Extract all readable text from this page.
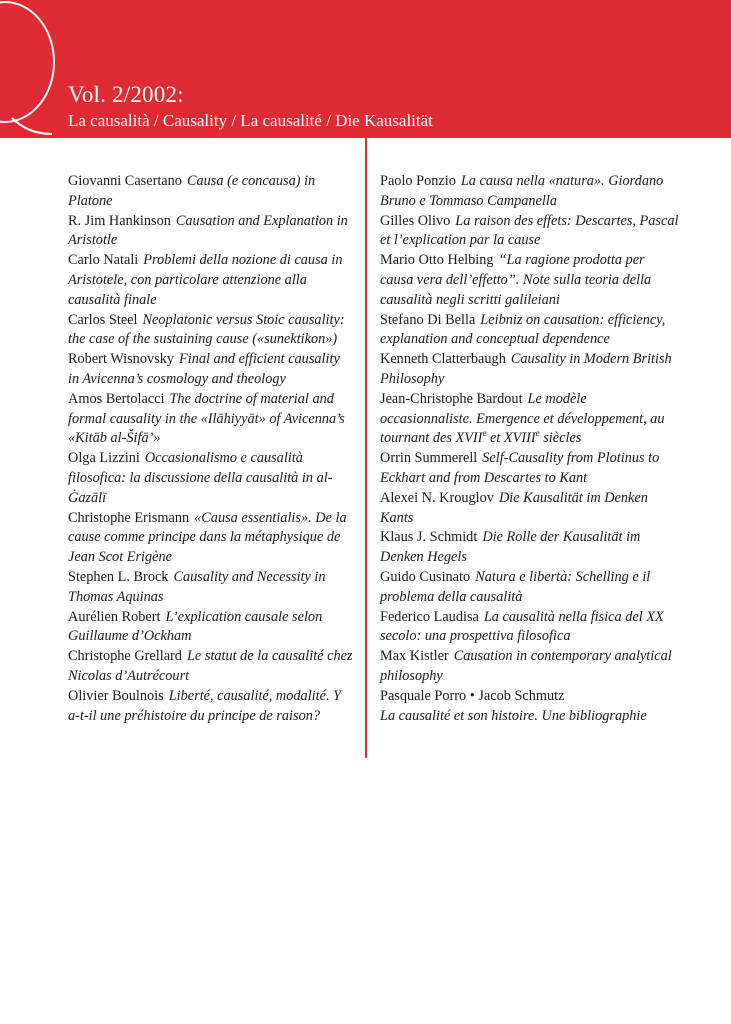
Q
Vol. 2/2002:
La causalità / Causality / La causalité / Die Kausalität

Giovanni Casertano Causa (e concausa) in Platone

R. Jim Hankinson Causation and Explanation in Aristotle

Carlo Natali Problemi della nozione di causa in Aristotele, con particolare attenzione alla causalità finale

Carlos Steel Neoplatonic versus Stoic causality: the case of the sustaining cause («sunektikon»)

Robert Wisnovsky Final and efficient causality in Avicenna’s cosmology and theology

Amos Bertolacci The doctrine of material and formal causality in the «Ilāhiyyāt» of Avicenna’s «Kitāb al-Šifā’»

Olga Lizzini Occasionalismo e causalità filosofica: la discussione della causalità in al-Ġazālī

Christophe Erismann «Causa essentialis». De la cause comme principe dans la métaphysique de Jean Scot Erigène

Stephen L. Brock Causality and Necessity in Thomas Aquinas

Aurélien Robert L’explication causale selon Guillaume d’Ockham

Christophe Grellard Le statut de la causalité chez Nicolas d’Autrécourt

Olivier Boulnois Liberté, causalité, modalité. Y a-t-il une préhistoire du principe de raison?

Paolo Ponzio La causa nella «natura». Giordano Bruno e Tommaso Campanella

Gilles Olivo La raison des effets: Descartes, Pascal et l’explication par la cause

Mario Otto Helbing “La ragione prodotta per causa vera dell’effetto”. Note sulla teoria della causalità negli scritti galileiani

Stefano Di Bella Leibniz on causation: efficiency, explanation and conceptual dependence

Kenneth Clatterbaugh Causality in Modern British Philosophy

Jean-Christophe Bardout Le modèle occasionnaliste. Emergence et développement, au tournant des XVIIe et XVIIIe siècles

Orrin Summerell Self-Causality from Plotinus to Eckhart and from Descartes to Kant

Alexei N. Krouglov Die Kausalität im Denken Kants

Klaus J. Schmidt Die Rolle der Kausalität im Denken Hegels

Guido Cusinato Natura e libertà: Schelling e il problema della causalità

Federico Laudisa La causalità nella fisica del XX secolo: una prospettiva filosofica

Max Kistler Causation in contemporary analytical philosophy

Pasquale Porro • Jacob Schmutz
La causalité et son histoire. Une bibliographie
